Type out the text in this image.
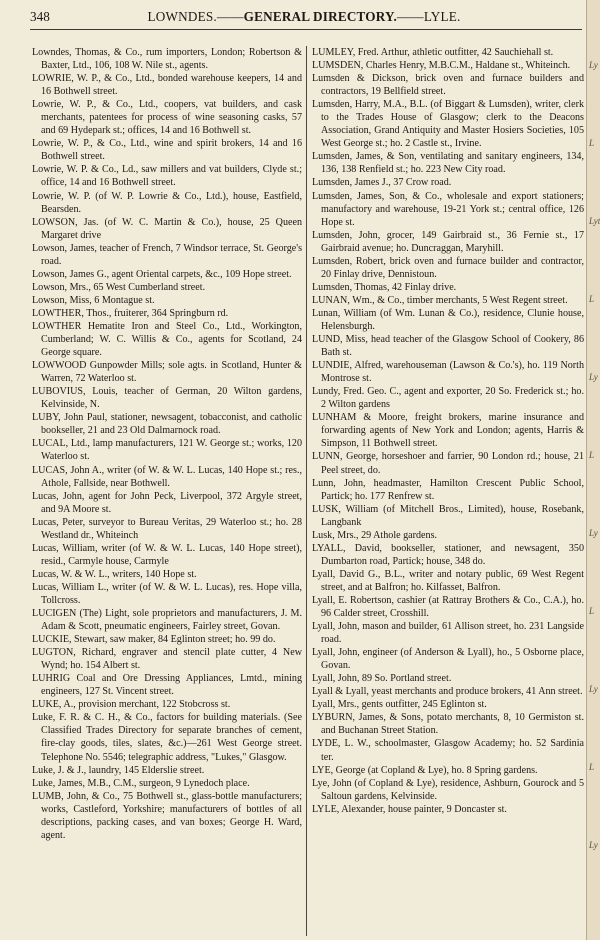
348	LOWNDES.——GENERAL DIRECTORY.——LYLE.
Lowndes, Thomas, & Co., rum importers, London; Robertson & Baxter, Ltd., 106, 108 W. Nile st., agents.
LOWRIE, W. P., & Co., Ltd., bonded warehouse keepers, 14 and 16 Bothwell street.
Lowrie, W. P., & Co., Ltd., coopers, vat builders, and cask merchants, patentees for process of wine seasoning casks, 57 and 69 Hydepark st.; offices, 14 and 16 Bothwell st.
Lowrie, W. P., & Co., Ltd., wine and spirit brokers, 14 and 16 Bothwell street.
Lowrie, W. P. & Co., Ld., saw millers and vat builders, Clyde st.; office, 14 and 16 Bothwell street.
Lowrie, W. P. (of W. P. Lowrie & Co., Ltd.), house, Eastfield, Bearsden.
LOWSON, Jas. (of W. C. Martin & Co.), house, 25 Queen Margaret drive
Lowson, James, teacher of French, 7 Windsor terrace, St. George's road.
Lowson, James G., agent Oriental carpets, &c., 109 Hope street.
Lowson, Mrs., 65 West Cumberland street.
Lowson, Miss, 6 Montague st.
LOWTHER, Thos., fruiterer, 364 Springburn rd.
LOWTHER Hematite Iron and Steel Co., Ltd., Workington, Cumberland; W. C. Willis & Co., agents for Scotland, 24 George square.
LOWWOOD Gunpowder Mills; sole agts. in Scotland, Hunter & Warren, 72 Waterloo st.
LUBOVIUS, Louis, teacher of German, 20 Wilton gardens, Kelvinside, N.
LUBY, John Paul, stationer, newsagent, tobacconist, and catholic bookseller, 21 and 23 Old Dalmarnock road.
LUCAL, Ltd., lamp manufacturers, 121 W. George st.; works, 120 Waterloo st.
LUCAS, John A., writer (of W. & W. L. Lucas, 140 Hope st.; res., Athole, Fallside, near Bothwell.
Lucas, John, agent for John Peck, Liverpool, 372 Argyle street, and 9A Moore st.
Lucas, Peter, surveyor to Bureau Veritas, 29 Waterloo st.; ho. 28 Westland dr., Whiteinch
Lucas, William, writer (of W. & W. L. Lucas, 140 Hope street), resid., Carmyle house, Carmyle
Lucas, W. & W. L., writers, 140 Hope st.
Lucas, William L., writer (of W. & W. L. Lucas), res. Hope villa, Tollcross.
LUCIGEN (The) Light, sole proprietors and manufacturers, J. M. Adam & Scott, pneumatic engineers, Fairley street, Govan.
LUCKIE, Stewart, saw maker, 84 Eglinton street; ho. 99 do.
LUGTON, Richard, engraver and stencil plate cutter, 4 New Wynd; ho. 154 Albert st.
LUHRIG Coal and Ore Dressing Appliances, Lmtd., mining engineers, 127 St. Vincent street.
LUKE, A., provision merchant, 122 Stobcross st.
Luke, F. R. & C. H., & Co., factors for building materials. (See Classified Trades Directory for separate branches of cement, fire-clay goods, tiles, slates, &c.)—261 West George street. Telephone No. 5546; telegraphic address, "Lukes," Glasgow.
Luke, J. & J., laundry, 145 Elderslie street.
Luke, James, M.B., C.M., surgeon, 9 Lynedoch place.
LUMB, John, & Co., 75 Bothwell st., glass-bottle manufacturers; works, Castleford, Yorkshire; manufacturers of bottles of all descriptions, packing cases, and van boxes; George H. Ward, agent.
LUMLEY, Fred. Arthur, athletic outfitter, 42 Sauchiehall st.
LUMSDEN, Charles Henry, M.B.C.M., Haldane st., Whiteinch.
Lumsden & Dickson, brick oven and furnace builders and contractors, 19 Bellfield street.
Lumsden, Harry, M.A., B.L. (of Biggart & Lumsden), writer, clerk to the Trades House of Glasgow; clerk to the Deacons Association, Grand Antiquity and Master Hosiers Societies, 105 West George st.; ho. 2 Castle st., Irvine.
Lumsden, James, & Son, ventilating and sanitary engineers, 134, 136, 138 Renfield st.; ho. 223 New City road.
Lumsden, James J., 37 Crow road.
Lumsden, James, Son, & Co., wholesale and export stationers; manufactory and warehouse, 19-21 York st.; central office, 126 Hope st.
Lumsden, John, grocer, 149 Gairbraid st., 36 Fernie st., 17 Gairbraid avenue; ho. Duncraggan, Maryhill.
Lumsden, Robert, brick oven and furnace builder and contractor, 20 Finlay drive, Dennistoun.
Lumsden, Thomas, 42 Finlay drive.
LUNAN, Wm., & Co., timber merchants, 5 West Regent street.
Lunan, William (of Wm. Lunan & Co.), residence, Clunie house, Helensburgh.
LUND, Miss, head teacher of the Glasgow School of Cookery, 86 Bath st.
LUNDIE, Alfred, warehouseman (Lawson & Co.'s), ho. 119 North Montrose st.
Lundy, Fred. Geo. C., agent and exporter, 20 So. Frederick st.; ho. 2 Wilton gardens
LUNHAM & Moore, freight brokers, marine insurance and forwarding agents of New York and London; agents, Harris & Simpson, 11 Bothwell street.
LUNN, George, horseshoer and farrier, 90 London rd.; house, 21 Peel street, do.
Lunn, John, headmaster, Hamilton Crescent Public School, Partick; ho. 177 Renfrew st.
LUSK, William (of Mitchell Bros., Limited), house, Rosebank, Langbank
Lusk, Mrs., 29 Athole gardens.
LYALL, David, bookseller, stationer, and newsagent, 350 Dumbarton road, Partick; house, 348 do.
Lyall, David G., B.L., writer and notary public, 69 West Regent street, and at Balfron; ho. Kilfasset, Balfron.
Lyall, E. Robertson, cashier (at Rattray Brothers & Co., C.A.), ho. 96 Calder street, Crosshill.
Lyall, John, mason and builder, 61 Allison street, ho. 231 Langside road.
Lyall, John, engineer (of Anderson & Lyall), ho., 5 Osborne place, Govan.
Lyall, John, 89 So. Portland street.
Lyall & Lyall, yeast merchants and produce brokers, 41 Ann street.
Lyall, Mrs., gents outfitter, 245 Eglinton st.
LYBURN, James, & Sons, potato merchants, 8, 10 Germiston st. and Buchanan Street Station.
LYDE, L. W., schoolmaster, Glasgow Academy; ho. 52 Sardinia ter.
LYE, George (at Copland & Lye), ho. 8 Spring gardens.
Lye, John (of Copland & Lye), residence, Ashburn, Gourock and 5 Saltoun gardens, Kelvinside.
LYLE, Alexander, house painter, 9 Doncaster st.
Ly
L
Lyt
L
Ly
L
Ly
L
Ly
L
Ly
